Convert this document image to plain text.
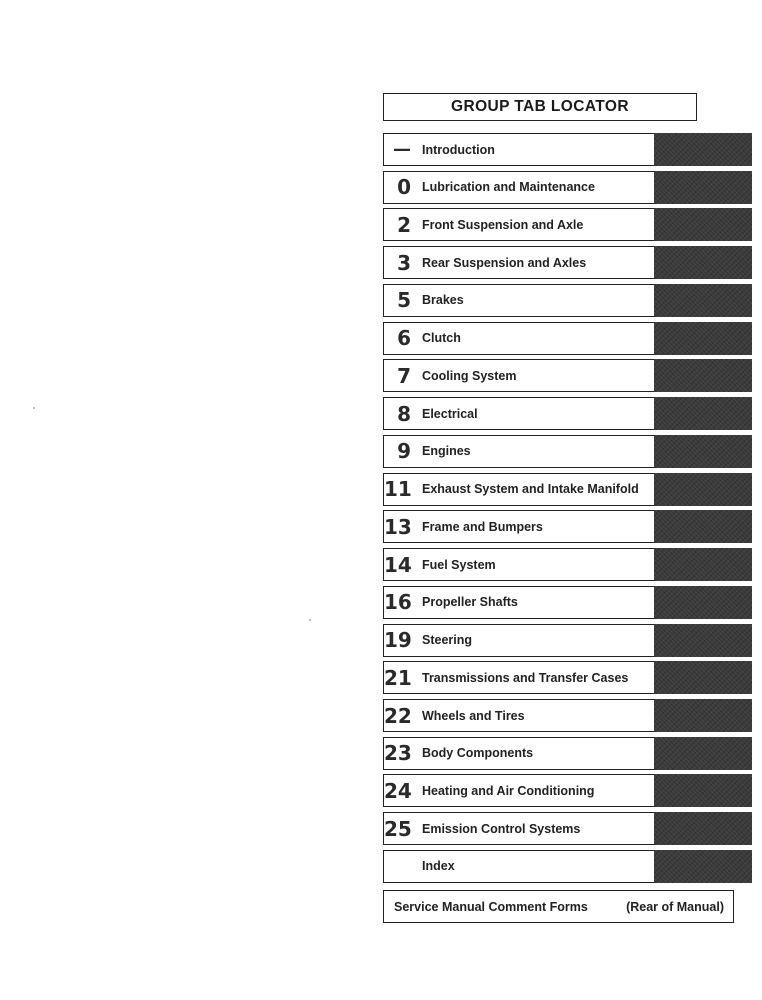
GROUP TAB LOCATOR
— Introduction
0 Lubrication and Maintenance
2 Front Suspension and Axle
3 Rear Suspension and Axles
5 Brakes
6 Clutch
7 Cooling System
8 Electrical
9 Engines
11 Exhaust System and Intake Manifold
13 Frame and Bumpers
14 Fuel System
16 Propeller Shafts
19 Steering
21 Transmissions and Transfer Cases
22 Wheels and Tires
23 Body Components
24 Heating and Air Conditioning
25 Emission Control Systems
Index
Service Manual Comment Forms	(Rear of Manual)
